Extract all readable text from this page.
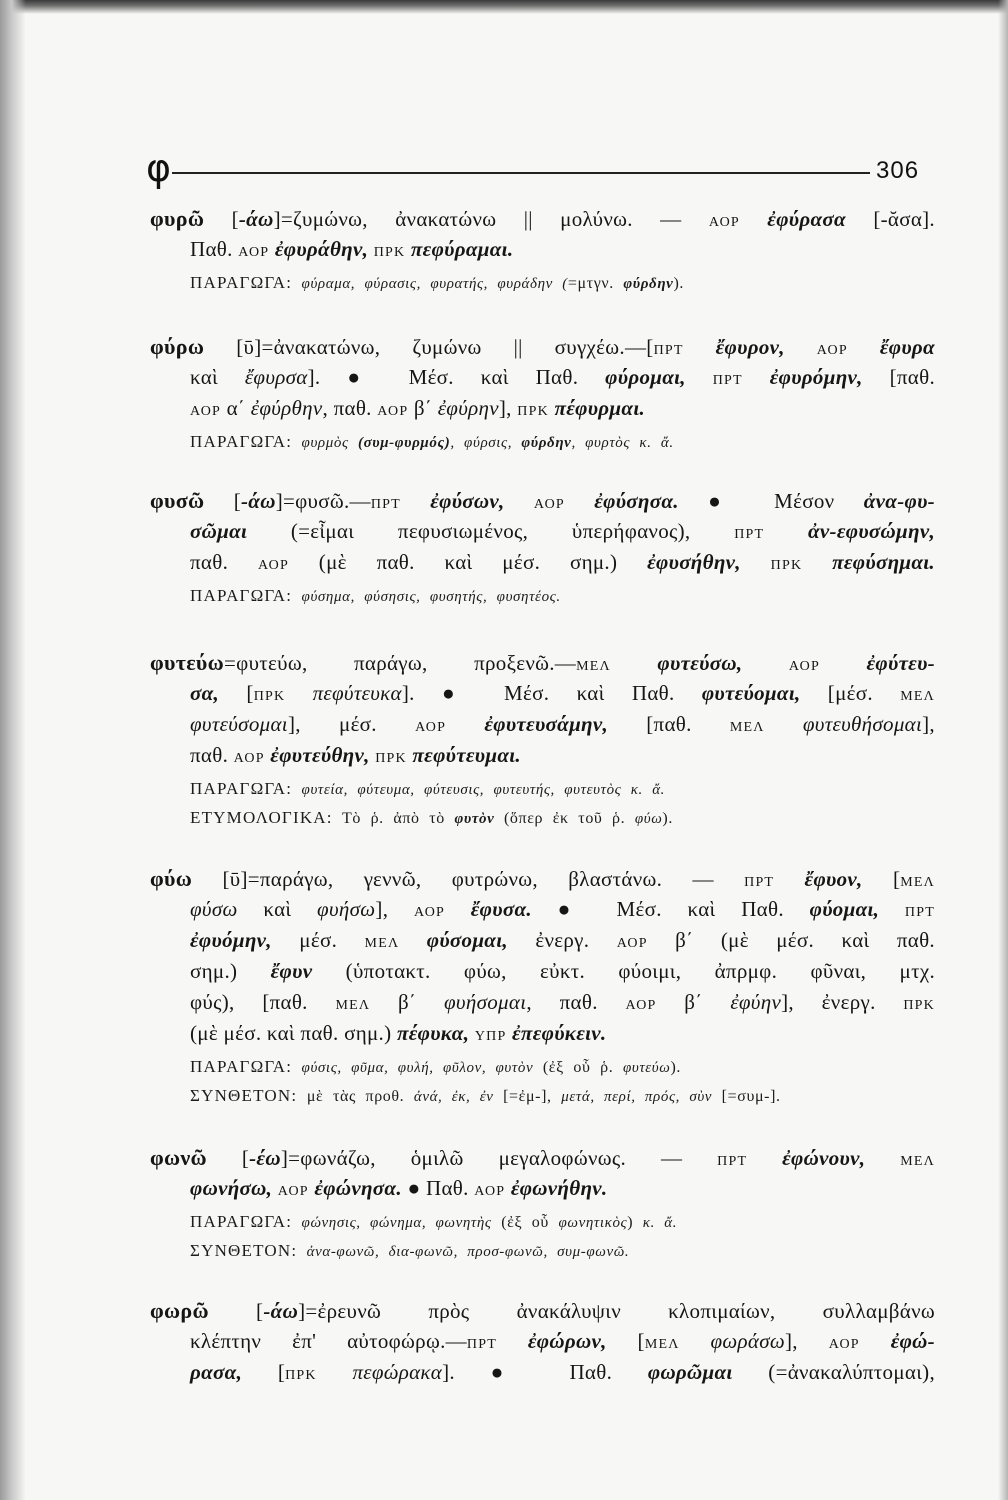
φ	306
φυρῶ [-άω]=ζυμώνω, ἀνακατώνω || μολύνω. — ΑΟΡ ἐφύρασα [-ᾰσα].
Παθ. ΑΟΡ ἐφυράθην, ΠΡΚ πεφύραμαι.
ΠΑΡΑΓΩΓΑ: φύραμα, φύρασις, φυρατής, φυράδην (=μτγν. φύρδην).
φύρω [ῡ]=ἀνακατώνω, ζυμώνω || συγχέω.—[ΠΡΤ ἔφυρον, ΑΟΡ ἔφυρα
καὶ ἔφυρσα]. ● Μέσ. καὶ Παθ. φύρομαι, ΠΡΤ ἐφυρόμην, [παθ.
ΑΟΡ α΄ ἐφύρθην, παθ. ΑΟΡ β΄ ἐφύρην], ΠΡΚ πέφυρμαι.
ΠΑΡΑΓΩΓΑ: φυρμὸς (συμ-φυρμός), φύρσις, φύρδην, φυρτὸς κ. ἄ.
φυσῶ [-άω]=φυσῶ.—ΠΡΤ ἐφύσων, ΑΟΡ ἐφύσησα. ● Μέσον ἀνα-φυ-
σῶμαι (=εἶμαι πεφυσιωμένος, ὑπερήφανος), ΠΡΤ ἀν-εφυσώμην,
παθ. ΑΟΡ (μὲ παθ. καὶ μέσ. σημ.) ἐφυσήθην, ΠΡΚ πεφύσημαι.
ΠΑΡΑΓΩΓΑ: φύσημα, φύσησις, φυσητής, φυσητέος.
φυτεύω=φυτεύω, παράγω, προξενῶ.—ΜΕΛ φυτεύσω,	ΑΟΡ ἐφύτευ-
σα, [ΠΡΚ πεφύτευκα]. ● Μέσ. καὶ Παθ. φυτεύομαι, [μέσ. ΜΕΛ
φυτεύσομαι], μέσ. ΑΟΡ ἐφυτευσάμην, [παθ. ΜΕΛ φυτευθήσομαι],
παθ. ΑΟΡ ἐφυτεύθην, ΠΡΚ πεφύτευμαι.
ΠΑΡΑΓΩΓΑ: φυτεία, φύτευμα, φύτευσις, φυτευτής, φυτευτὸς κ. ἄ.
ΕΤΥΜΟΛΟΓΙΚΑ: Τὸ ῥ. ἀπὸ τὸ φυτὸν (ὅπερ ἐκ τοῦ ῥ. φύω).
φύω [ῡ]=παράγω, γεννῶ, φυτρώνω, βλαστάνω. — ΠΡΤ ἔφυον, [ΜΕΛ
φύσω καὶ φυήσω], ΑΟΡ ἔφυσα. ● Μέσ. καὶ Παθ. φύομαι, ΠΡΤ
ἐφυόμην, μέσ. ΜΕΛ φύσομαι, ἐνεργ. ΑΟΡ β΄ (μὲ μέσ. καὶ παθ.
σημ.) ἔφυν (ὑποτακτ. φύω, εὐκτ. φύοιμι, ἀπρμφ. φῦναι, μτχ.
φύς), [παθ. ΜΕΛ β΄ φυήσομαι, παθ. ΑΟΡ β΄ ἐφύην], ἐνεργ. ΠΡΚ
(μὲ μέσ. καὶ παθ. σημ.) πέφυκα, ΥΠΡ ἐπεφύκειν.
ΠΑΡΑΓΩΓΑ: φύσις, φῦμα, φυλή, φῦλον, φυτὸν (ἐξ οὗ ῥ. φυτεύω).
ΣΥΝΘΕΤΟΝ: μὲ τὰς προθ. ἀνά, ἐκ, ἐν [=ἐμ-], μετά, περί, πρός, σὺν [=συμ-].
φωνῶ [-έω]=φωνάζω, ὁμιλῶ μεγαλοφώνως. — ΠΡΤ ἐφώνουν, ΜΕΛ
φωνήσω, ΑΟΡ ἐφώνησα. ● Παθ. ΑΟΡ ἐφωνήθην.
ΠΑΡΑΓΩΓΑ: φώνησις, φώνημα, φωνητὴς (ἐξ οὗ φωνητικὸς) κ. ἄ.
ΣΥΝΘΕΤΟΝ: ἀνα-φωνῶ, δια-φωνῶ, προσ-φωνῶ, συμ-φωνῶ.
φωρῶ [-άω]=ἐρευνῶ πρὸς ἀνακάλυψιν κλοπιμαίων, συλλαμβάνω
κλέπτην ἐπ' αὐτοφώρῳ.—ΠΡΤ ἐφώρων, [ΜΕΛ φωράσω], ΑΟΡ ἐφώ-
ρασα, [ΠΡΚ πεφώρακα]. ● Παθ. φωρῶμαι (=ἀνακαλύπτομαι),
